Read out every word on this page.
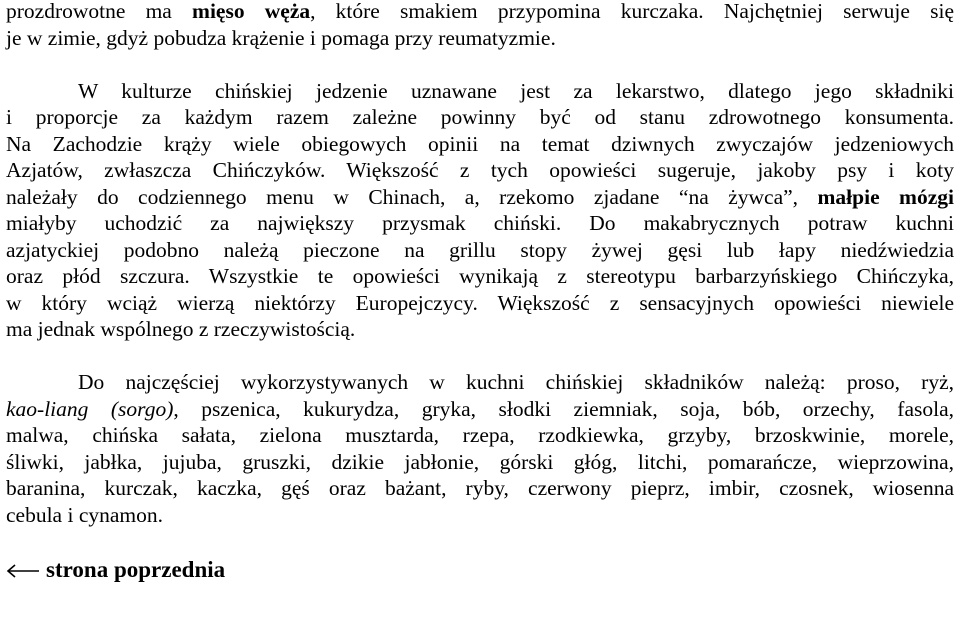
prozdrowotne ma mięso węża, które smakiem przypomina kurczaka. Najchętniej serwuje się
je w zimie, gdyż pobudza krążenie i pomaga przy reumatyzmie.
W kulturze chińskiej jedzenie uznawane jest za lekarstwo, dlatego jego składniki
i proporcje za każdym razem zależne powinny być od stanu zdrowotnego konsumenta.
Na Zachodzie krąży wiele obiegowych opinii na temat dziwnych zwyczajów jedzeniowych
Azjatów, zwłaszcza Chińczyków. Większość z tych opowieści sugeruje, jakoby psy i koty
należały do codziennego menu w Chinach, a, rzekomo zjadane “na żywca”, małpie mózgi
miałyby uchodzić za największy przysmak chiński. Do makabrycznych potraw kuchni
azjatyckiej podobno należą pieczone na grillu stopy żywej gęsi lub łapy niedźwiedzia
oraz płód szczura. Wszystkie te opowieści wynikają z stereotypu barbarzyńskiego Chińczyka,
w który wciąż wierzą niektórzy Europejczycy. Większość z sensacyjnych opowieści niewiele
ma jednak wspólnego z rzeczywistością.
Do najczęściej wykorzystywanych w kuchni chińskiej składników należą: proso, ryż,
kao-liang (sorgo), pszenica, kukurydza, gryka, słodki ziemniak, soja, bób, orzechy, fasola,
malwa, chińska sałata, zielona musztarda, rzepa, rzodkiewka, grzyby, brzoskwinie, morele,
śliwki, jabłka, jujuba, gruszki, dzikie jabłonie, górski głóg, litchi, pomarańcze, wieprzowina,
baranina, kurczak, kaczka, gęś oraz bażant, ryby, czerwony pieprz, imbir, czosnek, wiosenna
cebula i cynamon.
strona poprzednia
